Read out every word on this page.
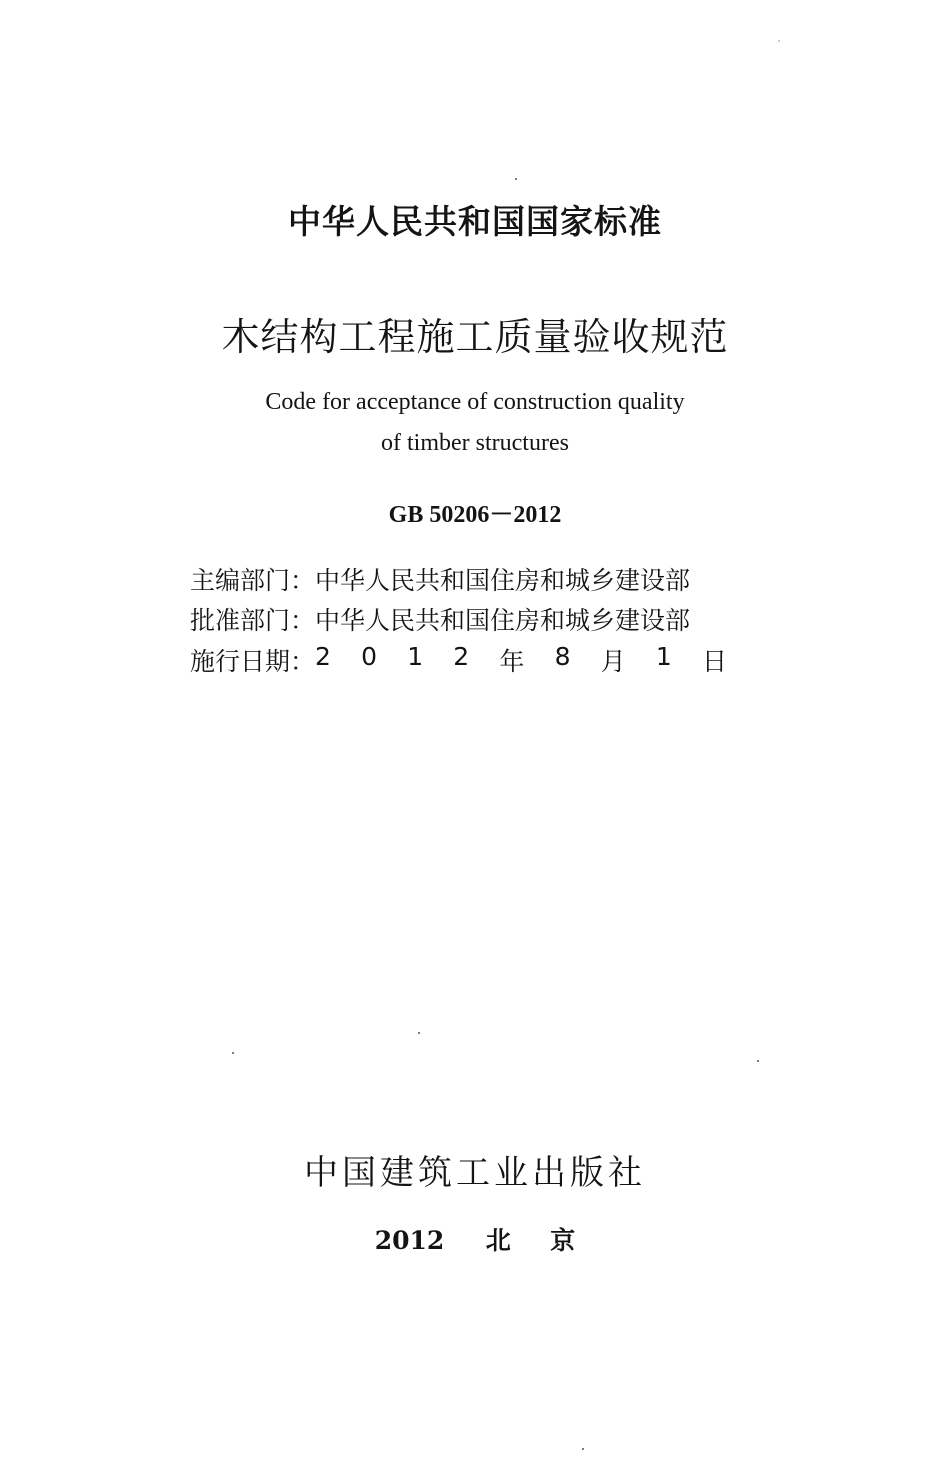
中华人民共和国国家标准
木结构工程施工质量验收规范
Code for acceptance of construction quality
of timber structures
GB 50206－2012
主编部门： 中华人民共和国住房和城乡建设部
批准部门： 中华人民共和国住房和城乡建设部
施行日期： 2 0 1 2 年 8 月 1 日
中国建筑工业出版社
2012 北 京
